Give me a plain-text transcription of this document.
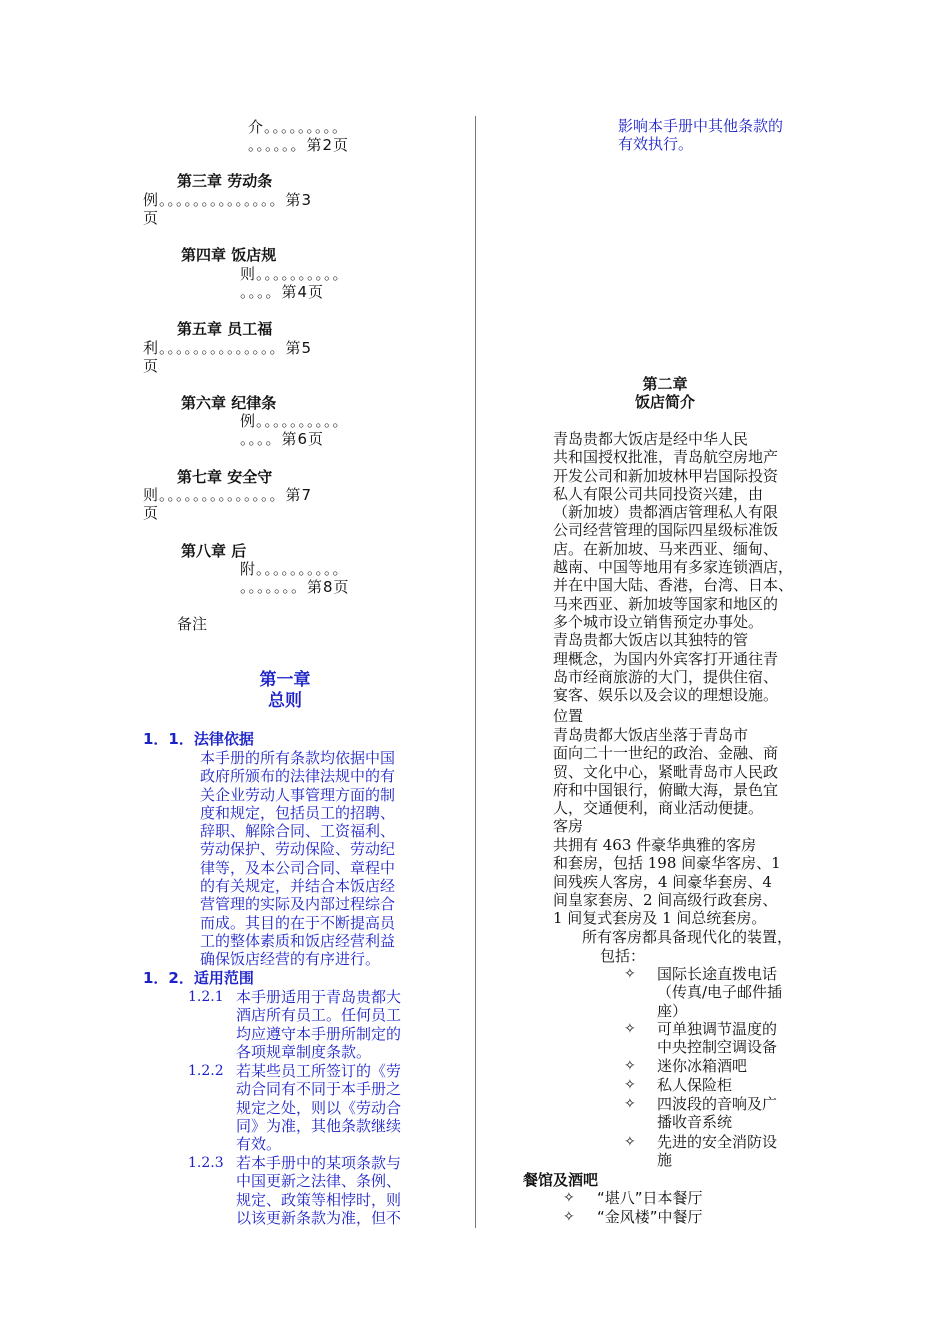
介。。。。。。。。。
。。。。。。第2页
第三章 劳动条
例。。。。。。。。。。。。。。第3
页
第四章 饭店规
则。。。。。。。。。。
。。。。第4页
第五章 员工福
利。。。。。。。。。。。。。。第5
页
第六章 纪律条
例。。。。。。。。。。
。。。。第6页
第七章 安全守
则。。。。。。。。。。。。。。第7
页
第八章 后
附。。。。。。。。。。
。。。。。。。第8页
备注
第一章
总则
1．1．法律依据
本手册的所有条款均依据中国
政府所颁布的法律法规中的有
关企业劳动人事管理方面的制
度和规定，包括员工的招聘、
辞职、解除合同、工资福利、
劳动保护、劳动保险、劳动纪
律等，及本公司合同、章程中
的有关规定，并结合本饭店经
营管理的实际及内部过程综合
而成。其目的在于不断提高员
工的整体素质和饭店经营利益
确保饭店经营的有序进行。
1．2．适用范围
1.2.1 本手册适用于青岛贵都大
酒店所有员工。任何员工
均应遵守本手册所制定的
各项规章制度条款。
1.2.2 若某些员工所签订的《劳
动合同有不同于本手册之
规定之处，则以《劳动合
同》为准，其他条款继续
有效。
1.2.3 若本手册中的某项条款与
中国更新之法律、条例、
规定、政策等相悖时，则
以该更新条款为准，但不
影响本手册中其他条款的
有效执行。
第二章
饭店简介
青岛贵都大饭店是经中华人民
共和国授权批准，青岛航空房地产
开发公司和新加坡林甲岩国际投资
私人有限公司共同投资兴建，由
（新加坡）贵都酒店管理私人有限
公司经营管理的国际四星级标准饭
店。在新加坡、马来西亚、缅甸、
越南、中国等地用有多家连锁酒店，
并在中国大陆、香港，台湾、日本、
马来西亚、新加坡等国家和地区的
多个城市设立销售预定办事处。
青岛贵都大饭店以其独特的管
理概念，为国内外宾客打开通往青
岛市经商旅游的大门，提供住宿、
宴客、娱乐以及会议的理想设施。
位置
青岛贵都大饭店坐落于青岛市
面向二十一世纪的政治、金融、商
贸、文化中心，紧毗青岛市人民政
府和中国银行，俯瞰大海，景色宜
人，交通便利，商业活动便捷。
客房
共拥有 463 件豪华典雅的客房
和套房，包括 198 间豪华客房、1
间残疾人客房，4 间豪华套房、4
间皇家套房、2 间高级行政套房、
1 间复式套房及 1 间总统套房。
所有客房都具备现代化的装置，
包括：
✧ 国际长途直拨电话
（传真/电子邮件插
座）
✧ 可单独调节温度的
中央控制空调设备
✧ 迷你冰箱酒吧
✧ 私人保险柜
✧ 四波段的音响及广
播收音系统
✧ 先进的安全消防设
施
餐馆及酒吧
✧ “堪八”日本餐厅
✧ “金风楼”中餐厅
